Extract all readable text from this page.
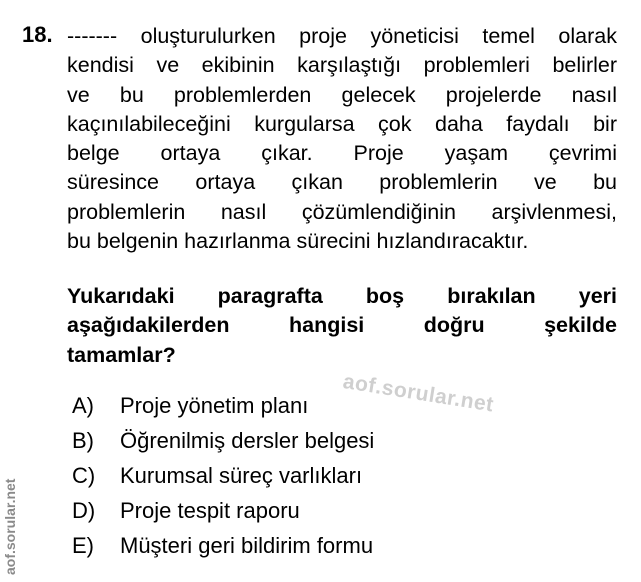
18. ------- oluşturulurken proje yöneticisi temel olarak
kendisi ve ekibinin karşılaştığı problemleri belirler
ve bu problemlerden gelecek projelerde nasıl
kaçınılabileceğini kurgularsa çok daha faydalı bir
belge ortaya çıkar. Proje yaşam çevrimi
süresince ortaya çıkan problemlerin ve bu
problemlerin nasıl çözümlendiğinin arşivlenmesi,
bu belgenin hazırlanma sürecini hızlandıracaktır.
Yukarıdaki paragrafta boş bırakılan yeri
aşağıdakilerden hangisi doğru şekilde
tamamlar?
aof.sorular.net
A)	Proje yönetim planı
B)	Öğrenilmiş dersler belgesi
C)	Kurumsal süreç varlıkları
D)	Proje tespit raporu
E)	Müşteri geri bildirim formu
aof.sorular.net
